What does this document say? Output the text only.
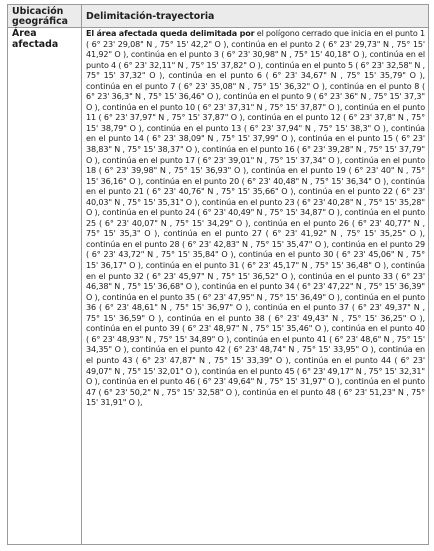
Ubicación geográfica	Delimitación-trayectoria

Área afectada	El área afectada queda delimitada por el polígono cerrado que inicia en el punto 1 ( 6° 23' 29,08" N , 75° 15' 42,2" O ), continúa en el punto 2 ( 6° 23' 29,73" N , 75° 15' 41,92" O ), continúa en el punto 3 ( 6° 23' 30,98" N , 75° 15' 40,18" O ), continúa en el punto 4 ( 6° 23' 32,11" N , 75° 15' 37,82" O ), continúa en el punto 5 ( 6° 23' 32,58" N , 75° 15' 37,32" O ), continúa en el punto 6 ( 6° 23' 34,67" N , 75° 15' 35,79" O ), continúa en el punto 7 ( 6° 23' 35,08" N , 75° 15' 36,32" O ), continúa en el punto 8 ( 6° 23' 36,3" N , 75° 15' 36,46" O ), continúa en el punto 9 ( 6° 23' 36" N , 75° 15' 37,3" O ), continúa en el punto 10 ( 6° 23' 37,31" N , 75° 15' 37,87" O ), continúa en el punto 11 ( 6° 23' 37,97" N , 75° 15' 37,87" O ), continúa en el punto 12 ( 6° 23' 37,8" N , 75° 15' 38,79" O ), continúa en el punto 13 ( 6° 23' 37,94" N , 75° 15' 38,3" O ), continúa en el punto 14 ( 6° 23' 38,09" N , 75° 15' 37,99" O ), continúa en el punto 15 ( 6° 23' 38,83" N , 75° 15' 38,37" O ), continúa en el punto 16 ( 6° 23' 39,28" N , 75° 15' 37,79" O ), continúa en el punto 17 ( 6° 23' 39,01" N , 75° 15' 37,34" O ), continúa en el punto 18 ( 6° 23' 39,98" N , 75° 15' 36,93" O ), continúa en el punto 19 ( 6° 23' 40" N , 75° 15' 36,16" O ), continúa en el punto 20 ( 6° 23' 40,48" N , 75° 15' 36,34" O ), continúa en el punto 21 ( 6° 23' 40,76" N , 75° 15' 35,66" O ), continúa en el punto 22 ( 6° 23' 40,03" N , 75° 15' 35,31" O ), continúa en el punto 23 ( 6° 23' 40,28" N , 75° 15' 35,28" O ), continúa en el punto 24 ( 6° 23' 40,49" N , 75° 15' 34,87" O ), continúa en el punto 25 ( 6° 23' 40,07" N , 75° 15' 34,29" O ), continúa en el punto 26 ( 6° 23' 40,77" N , 75° 15' 35,3" O ), continúa en el punto 27 ( 6° 23' 41,92" N , 75° 15' 35,25" O ), continúa en el punto 28 ( 6° 23' 42,83" N , 75° 15' 35,47" O ), continúa en el punto 29 ( 6° 23' 43,72" N , 75° 15' 35,84" O ), continúa en el punto 30 ( 6° 23' 45,06" N , 75° 15' 36,17" O ), continúa en el punto 31 ( 6° 23' 45,17" N , 75° 15' 36,48" O ), continúa en el punto 32 ( 6° 23' 45,97" N , 75° 15' 36,52" O ), continúa en el punto 33 ( 6° 23' 46,38" N , 75° 15' 36,68" O ), continúa en el punto 34 ( 6° 23' 47,22" N , 75° 15' 36,39" O ), continúa en el punto 35 ( 6° 23' 47,95" N , 75° 15' 36,49" O ), continúa en el punto 36 ( 6° 23' 48,61" N , 75° 15' 36,97" O ), continúa en el punto 37 ( 6° 23' 49,37" N , 75° 15' 36,59" O ), continúa en el punto 38 ( 6° 23' 49,43" N , 75° 15' 36,25" O ), continúa en el punto 39 ( 6° 23' 48,97" N , 75° 15' 35,46" O ), continúa en el punto 40 ( 6° 23' 48,93" N , 75° 15' 34,89" O ), continúa en el punto 41 ( 6° 23' 48,6" N , 75° 15' 34,35" O ), continúa en el punto 42 ( 6° 23' 48,74" N , 75° 15' 33,95" O ), continúa en el punto 43 ( 6° 23' 47,87" N , 75° 15' 33,39" O ), continúa en el punto 44 ( 6° 23' 49,07" N , 75° 15' 32,01" O ), continúa en el punto 45 ( 6° 23' 49,17" N , 75° 15' 32,31" O ), continúa en el punto 46 ( 6° 23' 49,64" N , 75° 15' 31,97" O ), continúa en el punto 47 ( 6° 23' 50,2" N , 75° 15' 32,58" O ), continúa en el punto 48 ( 6° 23' 51,23" N , 75° 15' 31,91" O ),
